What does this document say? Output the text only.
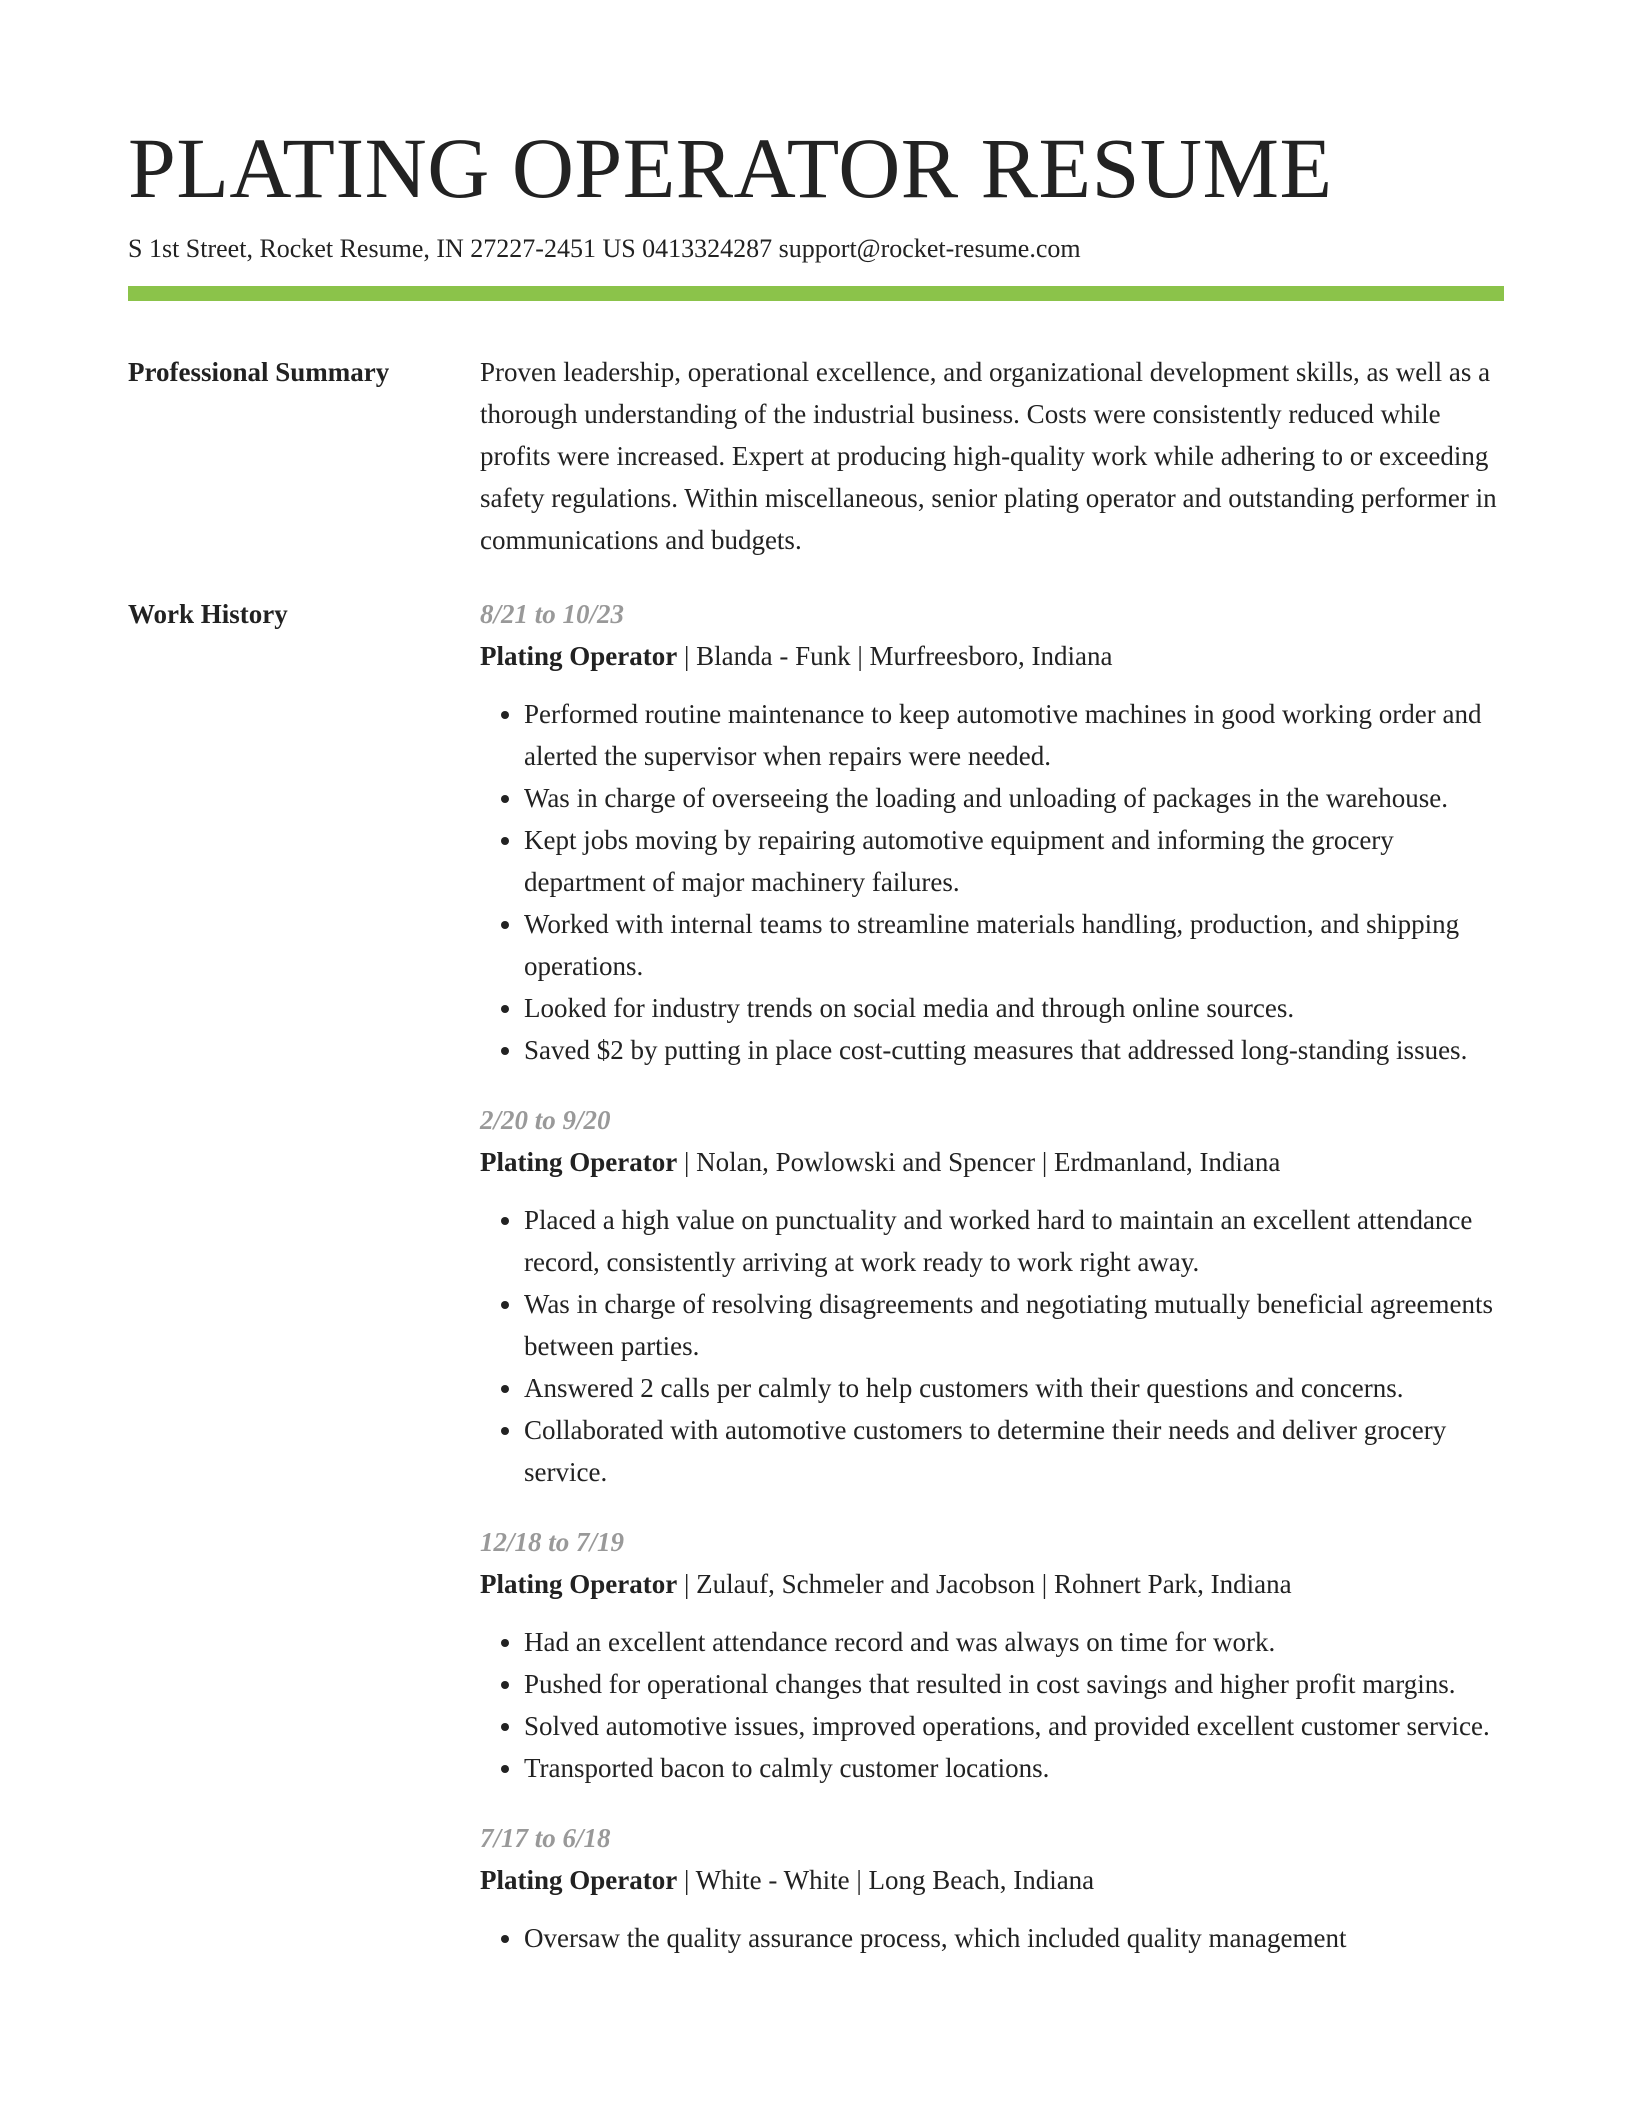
PLATING OPERATOR RESUME
S 1st Street, Rocket Resume, IN 27227-2451 US 0413324287 support@rocket-resume.com
Professional Summary	Proven leadership, operational excellence, and organizational development skills, as well as a thorough understanding of the industrial business. Costs were consistently reduced while profits were increased. Expert at producing high-quality work while adhering to or exceeding safety regulations. Within miscellaneous, senior plating operator and outstanding performer in communications and budgets.

Work History	8/21 to 10/23
Plating Operator | Blanda - Funk | Murfreesboro, Indiana
• Performed routine maintenance to keep automotive machines in good working order and alerted the supervisor when repairs were needed.
• Was in charge of overseeing the loading and unloading of packages in the warehouse.
• Kept jobs moving by repairing automotive equipment and informing the grocery department of major machinery failures.
• Worked with internal teams to streamline materials handling, production, and shipping operations.
• Looked for industry trends on social media and through online sources.
• Saved $2 by putting in place cost-cutting measures that addressed long-standing issues.
2/20 to 9/20
Plating Operator | Nolan, Powlowski and Spencer | Erdmanland, Indiana
• Placed a high value on punctuality and worked hard to maintain an excellent attendance record, consistently arriving at work ready to work right away.
• Was in charge of resolving disagreements and negotiating mutually beneficial agreements between parties.
• Answered 2 calls per calmly to help customers with their questions and concerns.
• Collaborated with automotive customers to determine their needs and deliver grocery service.
12/18 to 7/19
Plating Operator | Zulauf, Schmeler and Jacobson | Rohnert Park, Indiana
• Had an excellent attendance record and was always on time for work.
• Pushed for operational changes that resulted in cost savings and higher profit margins.
• Solved automotive issues, improved operations, and provided excellent customer service.
• Transported bacon to calmly customer locations.
7/17 to 6/18
Plating Operator | White - White | Long Beach, Indiana
• Oversaw the quality assurance process, which included quality management
